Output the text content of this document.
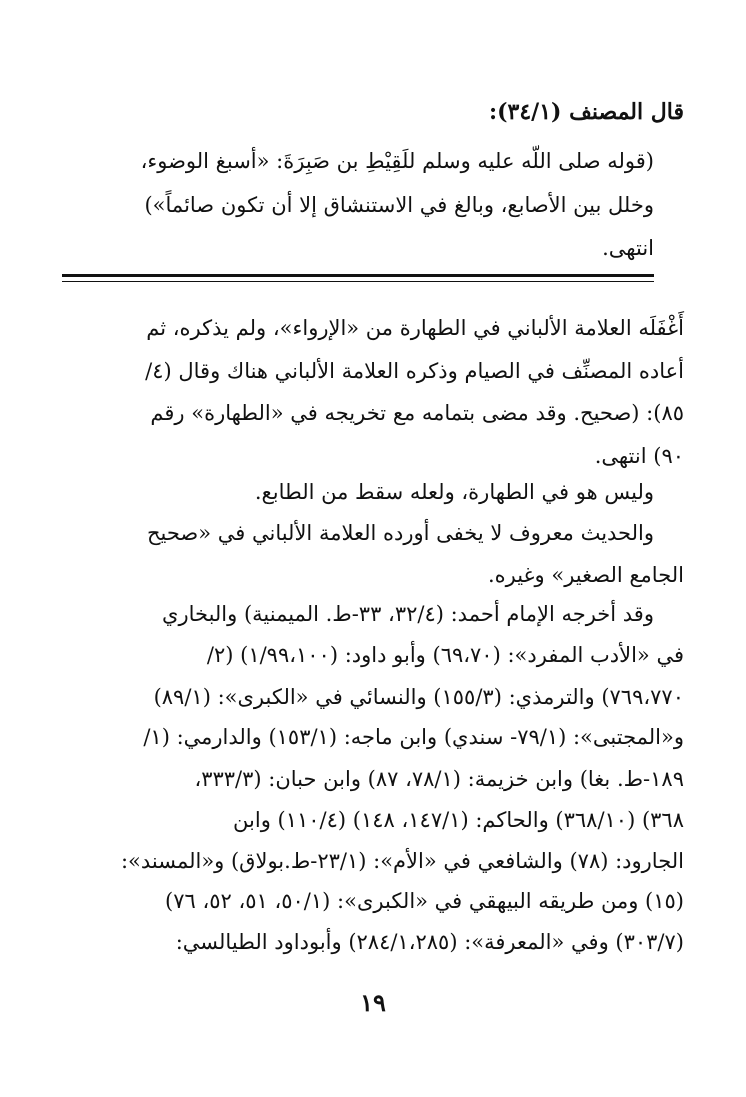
قال المصنف (٣٤/١):
(قوله صلى اللّه عليه وسلم للَقِيْطِ بن صَبِرَةَ: «أسبغ الوضوء،
وخلل بين الأصابع، وبالغ في الاستنشاق إلا أن تكون صائماً»)
انتهى.
أَغْفَلَه العلامة الألباني في الطهارة من «الإرواء»، ولم يذكره، ثم
أعاده المصنِّف في الصيام وذكره العلامة الألباني هناك وقال (٤/
٨٥): (صحيح. وقد مضى بتمامه مع تخريجه في «الطهارة» رقم
٩٠) انتهى.
وليس هو في الطهارة، ولعله سقط من الطابع.
والحديث معروف لا يخفى أورده العلامة الألباني في «صحيح
الجامع الصغير» وغيره.
وقد أخرجه الإمام أحمد: (٣٢/٤، ٣٣-ط. الميمنية) والبخاري
في «الأدب المفرد»: (٦٩،٧٠) وأبو داود: (١/٩٩،١٠٠) (٢/
٧٦٩،٧٧٠) والترمذي: (١٥٥/٣) والنسائي في «الكبرى»: (٨٩/١)
و«المجتبى»: (٧٩/١- سندي) وابن ماجه: (١٥٣/١) والدارمي: (١/
١٨٩-ط. بغا) وابن خزيمة: (٧٨/١، ٨٧) وابن حبان: (٣٣٣/٣،
٣٦٨) (٣٦٨/١٠) والحاكم: (١٤٧/١، ١٤٨) (١١٠/٤) وابن
الجارود: (٧٨) والشافعي في «الأم»: (٢٣/١-ط.بولاق) و«المسند»:
(١٥) ومن طريقه البيهقي في «الكبرى»: (٥٠/١، ٥١، ٥٢، ٧٦)
(٣٠٣/٧) وفي «المعرفة»: (٢٨٤/١،٢٨٥) وأبوداود الطيالسي:
١٩
